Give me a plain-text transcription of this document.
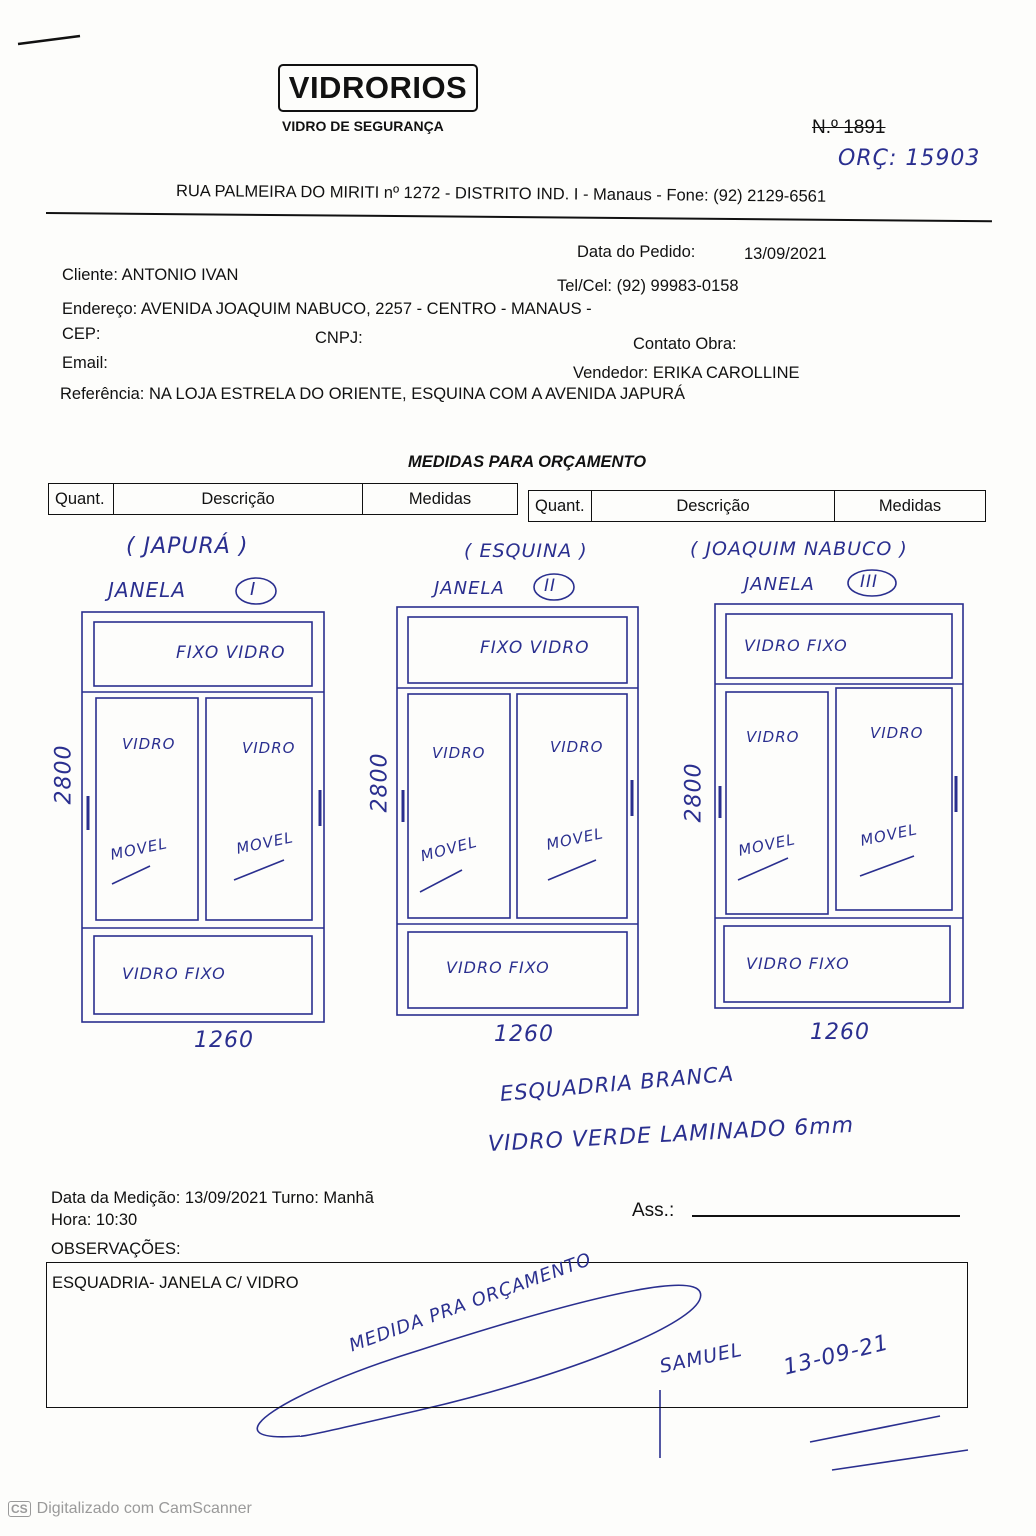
VIDRORIOS
VIDRO DE SEGURANÇA	N.º 1891
ORÇ: 15903
RUA PALMEIRA DO MIRITI nº 1272 - DISTRITO IND. I - Manaus - Fone: (92) 2129-6561
Data do Pedido:	13/09/2021
Cliente: ANTONIO IVAN
Tel/Cel: (92) 99983-0158
Endereço: AVENIDA JOAQUIM NABUCO, 2257 - CENTRO - MANAUS -
CEP:	CNPJ:	Contato Obra:
Email:
Vendedor: ERIKA CAROLLINE
Referência: NA LOJA ESTRELA DO ORIENTE, ESQUINA COM A AVENIDA JAPURÁ
MEDIDAS PARA ORÇAMENTO
Quant.	Descrição	Medidas	Quant.	Descrição	Medidas
( JAPURÁ )
JANELA	I
FIXO VIDRO
VIDRO	VIDRO
MOVEL	MOVEL
VIDRO FIXO
2800
1260
( ESQUINA )
JANELA II
FIXO VIDRO
VIDRO	VIDRO
MOVEL	MOVEL
VIDRO FIXO
2800
1260
( JOAQUIM NABUCO )
JANELA	III
VIDRO FIXO
VIDRO	VIDRO
MOVEL	MOVEL
VIDRO FIXO
2800
1260
ESQUADRIA BRANCA
VIDRO VERDE LAMINADO 6mm
Data da Medição: 13/09/2021 Turno: Manhã
Hora: 10:30	Ass.:
OBSERVAÇÕES:
ESQUADRIA- JANELA C/ VIDRO	MEDIDA PRA ORÇAMENTO
SAMUEL 13-09-21
CS Digitalizado com CamScanner
